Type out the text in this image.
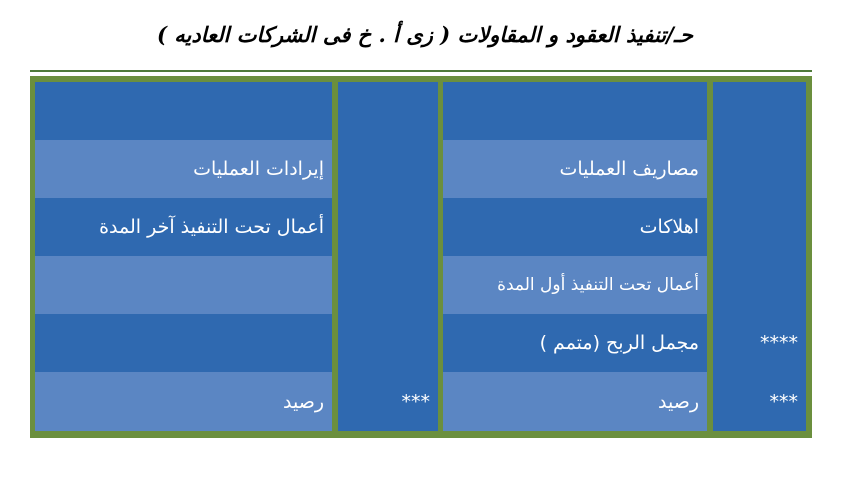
حـ/تنفيذ العقود و المقاولات ( زى أ . خ فى الشركات العاديه )
إيرادات العمليات
أعمال تحت التنفيذ آخر المدة
رصيد	***
مصاريف العمليات
اهلاكات
أعمال تحت التنفيذ أول المدة
مجمل الربح (متمم )
رصيد
****
***
